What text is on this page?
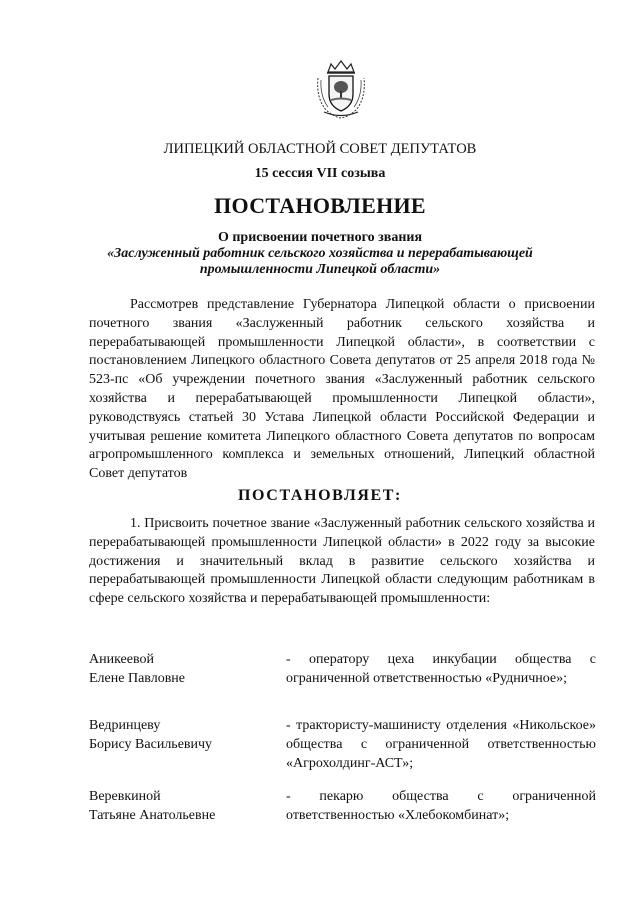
ЛИПЕЦКИЙ ОБЛАСТНОЙ СОВЕТ ДЕПУТАТОВ
15 сессия VII созыва
ПОСТАНОВЛЕНИЕ
О присвоении почетного звания
«Заслуженный работник сельского хозяйства и перерабатывающей
промышленности Липецкой области»
Рассмотрев представление Губернатора Липецкой области о присвоении почетного звания «Заслуженный работник сельского хозяйства и перерабатывающей промышленности Липецкой области», в соответствии с постановлением Липецкого областного Совета депутатов от 25 апреля 2018 года № 523-пс «Об учреждении почетного звания «Заслуженный работник сельского хозяйства и перерабатывающей промышленности Липецкой области», руководствуясь статьей 30 Устава Липецкой области Российской Федерации и учитывая решение комитета Липецкого областного Совета депутатов по вопросам агропромышленного комплекса и земельных отношений, Липецкий областной Совет депутатов
ПОСТАНОВЛЯЕТ:
1. Присвоить почетное звание «Заслуженный работник сельского хозяйства и перерабатывающей промышленности Липецкой области» в 2022 году за высокие достижения и значительный вклад в развитие сельского хозяйства и перерабатывающей промышленности Липецкой области следующим работникам в сфере сельского хозяйства и перерабатывающей промышленности:
Аникеевой
Елене Павловне
- оператору цеха инкубации общества с ограниченной ответственностью «Рудничное»;
Ведринцеву
Борису Васильевичу
- трактористу-машинисту отделения «Никольское» общества с ограниченной ответственностью «Агрохолдинг-АСТ»;
Веревкиной
Татьяне Анатольевне
- пекарю общества с ограниченной ответственностью «Хлебокомбинат»;
